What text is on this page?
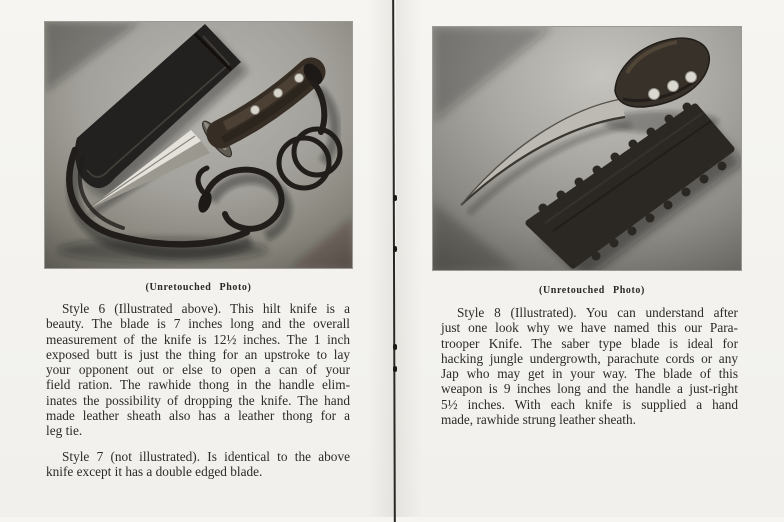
(Unretouched Photo)
Style 6 (Illustrated above). This hilt knife is a
beauty. The blade is 7 inches long and the overall
measurement of the knife is 12½ inches. The 1 inch
exposed butt is just the thing for an upstroke to lay
your opponent out or else to open a can of your
field ration. The rawhide thong in the handle elim-
inates the possibility of dropping the knife. The hand
made leather sheath also has a leather thong for a
leg tie.
Style 7 (not illustrated). Is identical to the above
knife except it has a double edged blade.
(Unretouched Photo)
Style 8 (Illustrated). You can understand after
just one look why we have named this our Para-
trooper Knife. The saber type blade is ideal for
hacking jungle undergrowth, parachute cords or any
Jap who may get in your way. The blade of this
weapon is 9 inches long and the handle a just-right
5½ inches. With each knife is supplied a hand
made, rawhide strung leather sheath.
